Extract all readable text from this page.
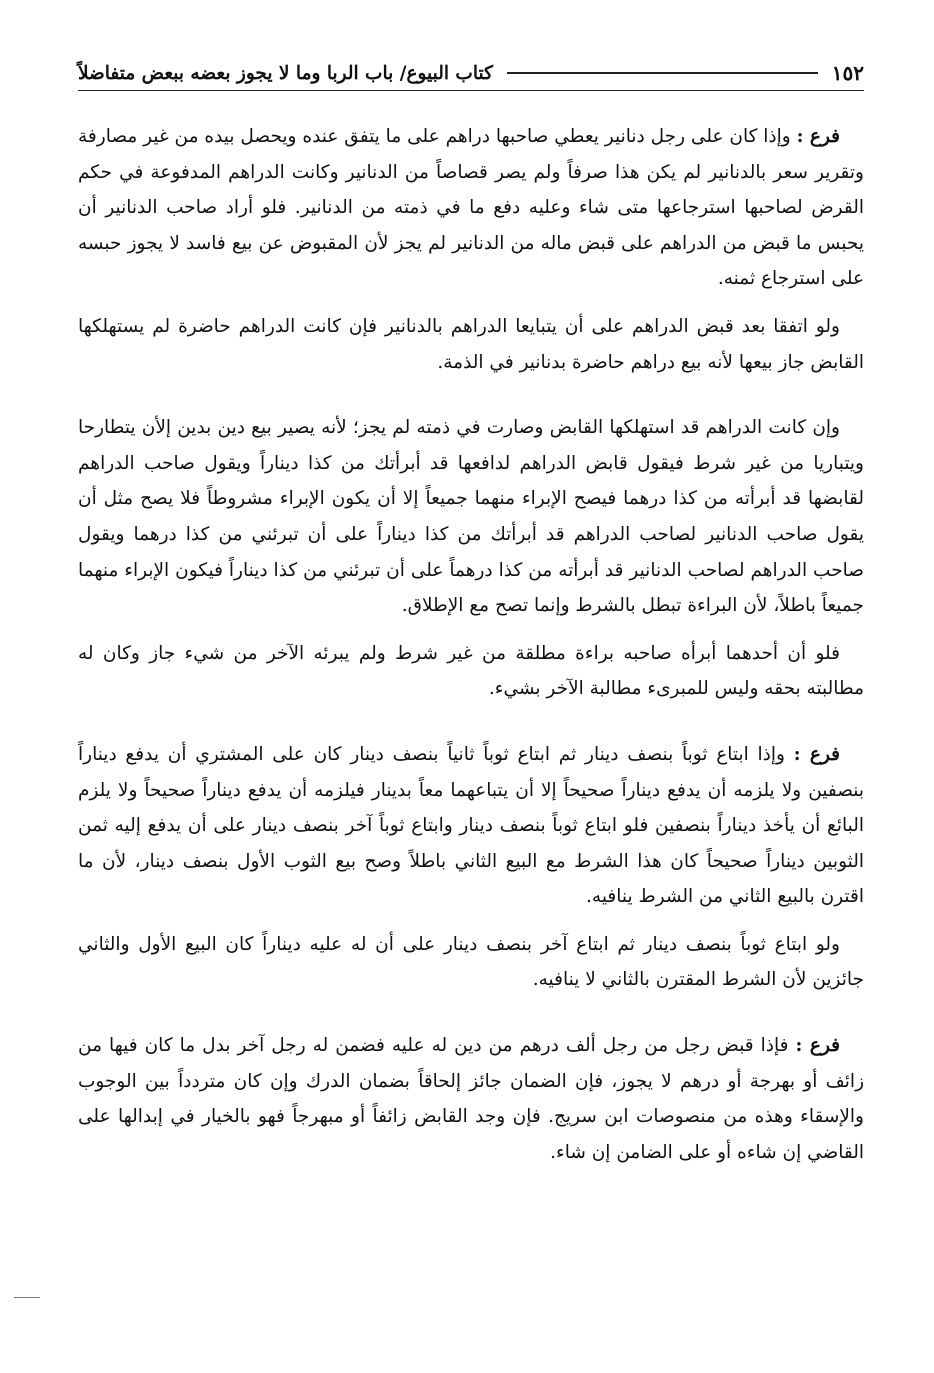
١٥٢
كتاب البيوع/ باب الربا وما لا يجوز بعضه ببعض متفاضلاً

فرع : وإذا كان على رجل دنانير يعطي صاحبها دراهم على ما يتفق عنده ويحصل بيده من غير مصارفة وتقرير سعر بالدنانير لم يكن هذا صرفاً ولم يصر قصاصاً من الدنانير وكانت الدراهم المدفوعة في حكم القرض لصاحبها استرجاعها متى شاء وعليه دفع ما في ذمته من الدنانير. فلو أراد صاحب الدنانير أن يحبس ما قبض من الدراهم على قبض ماله من الدنانير لم يجز لأن المقبوض عن بيع فاسد لا يجوز حبسه على استرجاع ثمنه.

ولو اتفقا بعد قبض الدراهم على أن يتبايعا الدراهم بالدنانير فإن كانت الدراهم حاضرة لم يستهلكها القابض جاز بيعها لأنه بيع دراهم حاضرة بدنانير في الذمة.

وإن كانت الدراهم قد استهلكها القابض وصارت في ذمته لم يجز؛ لأنه يصير بيع دين بدين إلأن يتطارحا ويتباريا من غير شرط فيقول قابض الدراهم لدافعها قد أبرأتك من كذا ديناراً ويقول صاحب الدراهم لقابضها قد أبرأته من كذا درهما فيصح الإبراء منهما جميعاً إلا أن يكون الإبراء مشروطاً فلا يصح مثل أن يقول صاحب الدنانير لصاحب الدراهم قد أبرأتك من كذا ديناراً على أن تبرئني من كذا درهما ويقول صاحب الدراهم لصاحب الدنانير قد أبرأته من كذا درهماً على أن تبرئني من كذا ديناراً فيكون الإبراء منهما جميعاً باطلاً، لأن البراءة تبطل بالشرط وإنما تصح مع الإطلاق.

فلو أن أحدهما أبرأه صاحبه براءة مطلقة من غير شرط ولم يبرئه الآخر من شيء جاز وكان له مطالبته بحقه وليس للمبرىء مطالبة الآخر بشيء.

فرع : وإذا ابتاع ثوباً بنصف دينار ثم ابتاع ثوباً ثانياً بنصف دينار كان على المشتري أن يدفع ديناراً بنصفين ولا يلزمه أن يدفع ديناراً صحيحاً إلا أن يتباعهما معاً بدينار فيلزمه أن يدفع ديناراً صحيحاً ولا يلزم البائع أن يأخذ ديناراً بنصفين فلو ابتاع ثوباً بنصف دينار وابتاع ثوباً آخر بنصف دينار على أن يدفع إليه ثمن الثوبين ديناراً صحيحاً كان هذا الشرط مع البيع الثاني باطلاً وصح بيع الثوب الأول بنصف دينار، لأن ما اقترن بالبيع الثاني من الشرط ينافيه.

ولو ابتاع ثوباً بنصف دينار ثم ابتاع آخر بنصف دينار على أن له عليه ديناراً كان البيع الأول والثاني جائزين لأن الشرط المقترن بالثاني لا ينافيه.

فرع : فإذا قبض رجل من رجل ألف درهم من دين له عليه فضمن له رجل آخر بدل ما كان فيها من زائف أو بهرجة أو درهم لا يجوز، فإن الضمان جائز إلحاقاً بضمان الدرك وإن كان متردداً بين الوجوب والإسقاء وهذه من منصوصات ابن سريج. فإن وجد القابض زائفاً أو مبهرجاً فهو بالخيار في إبدالها على القاضي إن شاءه أو على الضامن إن شاء.
